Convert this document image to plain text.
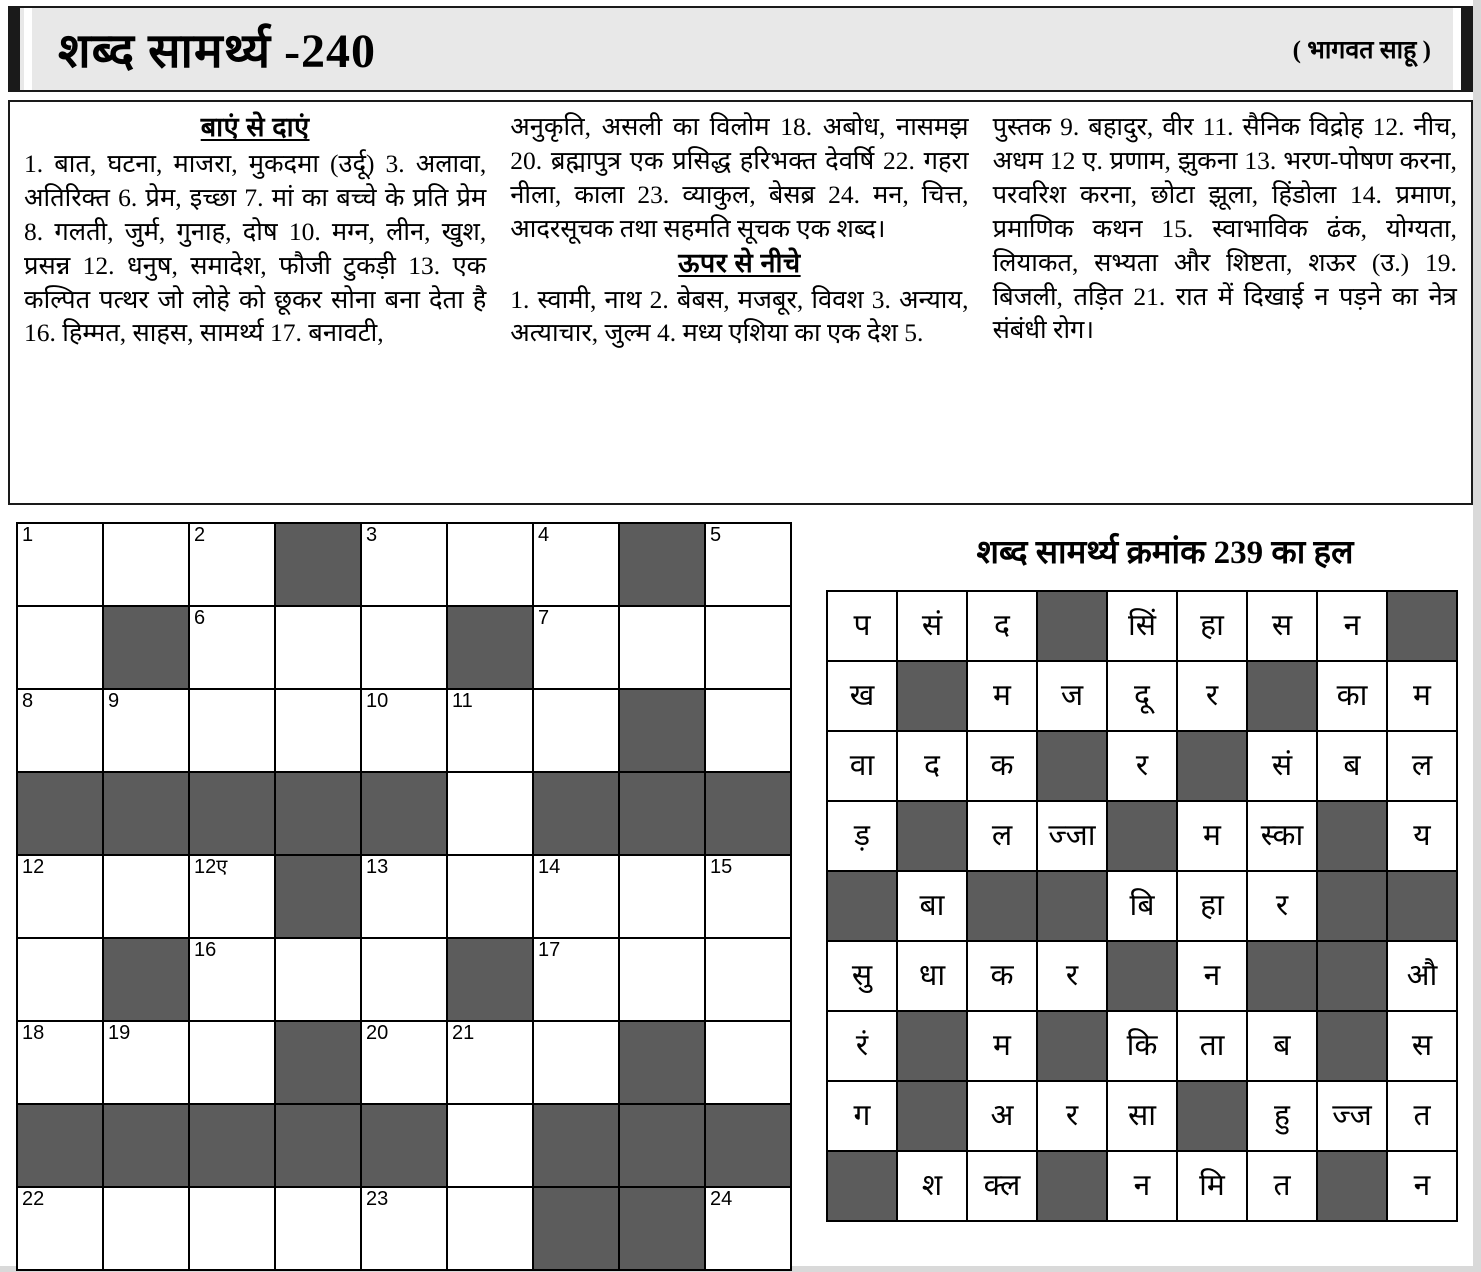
शब्द सामर्थ्य -240	( भागवत साहू )
बाएं से दाएं
1. बात, घटना, माजरा, मुकदमा (उर्दू) 3. अलावा, अतिरिक्त 6. प्रेम, इच्छा 7. मां का बच्चे के प्रति प्रेम 8. गलती, जुर्म, गुनाह, दोष 10. मग्न, लीन, खुश, प्रसन्न 12. धनुष, समादेश, फौजी टुकड़ी 13. एक कल्पित पत्थर जो लोहे को छूकर सोना बना देता है 16. हिम्मत, साहस, सामर्थ्य 17. बनावटी,
अनुकृति, असली का विलोम 18. अबोध, नासमझ 20. ब्रह्मापुत्र एक प्रसिद्ध हरिभक्त देवर्षि 22. गहरा नीला, काला 23. व्याकुल, बेसब्र 24. मन, चित्त, आदरसूचक तथा सहमति सूचक एक शब्द।
ऊपर से नीचे
1. स्वामी, नाथ 2. बेबस, मजबूर, विवश 3. अन्याय, अत्याचार, जुल्म 4. मध्य एशिया का एक देश 5.
पुस्तक 9. बहादुर, वीर 11. सैनिक विद्रोह 12. नीच, अधम 12 ए. प्रणाम, झुकना 13. भरण-पोषण करना, परवरिश करना, छोटा झूला, हिंडोला 14. प्रमाण, प्रमाणिक कथन 15. स्वाभाविक ढंक, योग्यता, लियाकत, सभ्यता और शिष्टता, शऊर (उ.) 19. बिजली, तड़ित 21. रात में दिखाई न पड़ने का नेत्र संबंधी रोग।
1		2		3		4		5

		6				7		

8	9			10	11			

12		12ए		13		14		15

		16				17		

18	19			20	21			

22				23				24
शब्द सामर्थ्य क्रमांक 239 का हल
प	सं	द		सिं	हा	स	न	
ख		म	ज	दू	र		का	म
वा	द	क		र		सं	ब	ल
ड़		ल	ज्जा		म	स्का		य
	बा			बि	हा	र		
सु	धा	क	र		न			औ
रं		म		कि	ता	ब		स
ग		अ	र	सा		हु	ज्ज	त
	श	क्ल		न	मि	त		न
